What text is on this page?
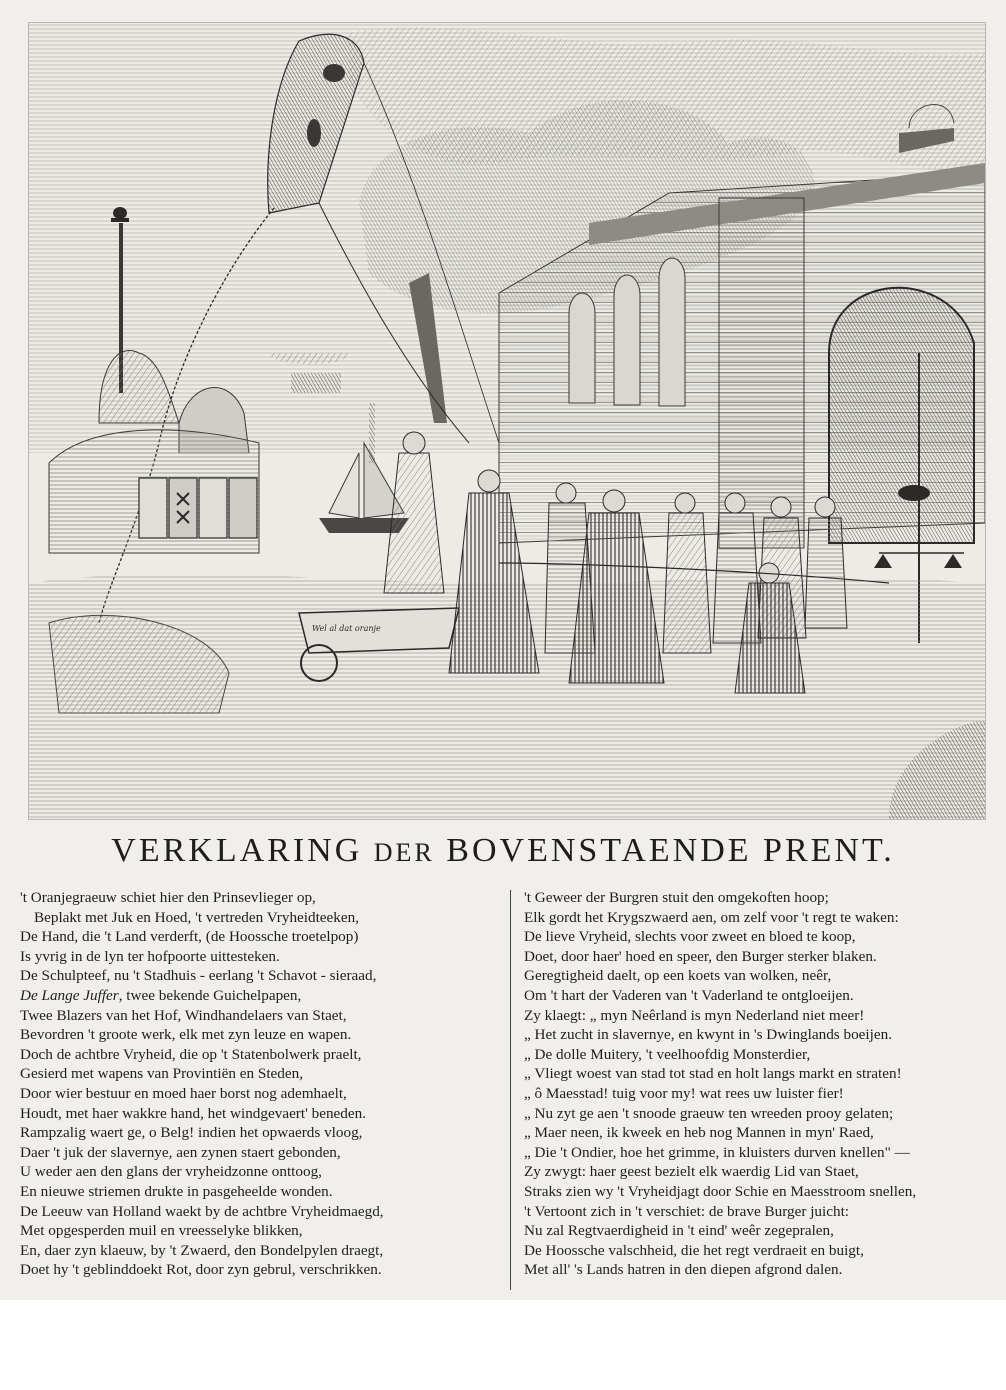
Wel al dat oranje
VERKLARING DER BOVENSTAENDE PRENT.
't Oranjegraeuw schiet hier den Prinsevlieger op,
Beplakt met Juk en Hoed, 't vertreden Vryheidteeken,
De Hand, die 't Land verderft, (de Hoossche troetelpop)
Is yvrig in de lyn ter hofpoorte uittesteken.
De Schulpteef, nu 't Stadhuis - eerlang 't Schavot - sieraad,
De Lange Juffer, twee bekende Guichelpapen,
Twee Blazers van het Hof, Windhandelaers van Staet,
Bevordren 't groote werk, elk met zyn leuze en wapen.
Doch de achtbre Vryheid, die op 't Statenbolwerk praelt,
Gesierd met wapens van Provintiën en Steden,
Door wier bestuur en moed haer borst nog ademhaelt,
Houdt, met haer wakkre hand, het windgevaert' beneden.
Rampzalig waert ge, o Belg! indien het opwaerds vloog,
Daer 't juk der slavernye, aen zynen staert gebonden,
U weder aen den glans der vryheidzonne onttoog,
En nieuwe striemen drukte in pasgeheelde wonden.
De Leeuw van Holland waekt by de achtbre Vryheidmaegd,
Met opgesperden muil en vreesselyke blikken,
En, daer zyn klaeuw, by 't Zwaerd, den Bondelpylen draegt,
Doet hy 't geblinddoekt Rot, door zyn gebrul, verschrikken.
't Geweer der Burgren stuit den omgekoften hoop;
Elk gordt het Krygszwaerd aen, om zelf voor 't regt te waken:
De lieve Vryheid, slechts voor zweet en bloed te koop,
Doet, door haer' hoed en speer, den Burger sterker blaken.
Geregtigheid daelt, op een koets van wolken, neêr,
Om 't hart der Vaderen van 't Vaderland te ontgloeijen.
Zy klaegt: „ myn Neêrland is myn Nederland niet meer!
„ Het zucht in slavernye, en kwynt in 's Dwinglands boeijen.
„ De dolle Muitery, 't veelhoofdig Monsterdier,
„ Vliegt woest van stad tot stad en holt langs markt en straten!
„ ô Maesstad! tuig voor my! wat rees uw luister fier!
„ Nu zyt ge aen 't snoode graeuw ten wreeden prooy gelaten;
„ Maer neen, ik kweek en heb nog Mannen in myn' Raed,
„ Die 't Ondier, hoe het grimme, in kluisters durven knellen" —
Zy zwygt: haer geest bezielt elk waerdig Lid van Staet,
Straks zien wy 't Vryheidjagt door Schie en Maesstroom snellen,
't Vertoont zich in 't verschiet: de brave Burger juicht:
Nu zal Regtvaerdigheid in 't eind' weêr zegepralen,
De Hoossche valschheid, die het regt verdraeit en buigt,
Met all' 's Lands hatren in den diepen afgrond dalen.
